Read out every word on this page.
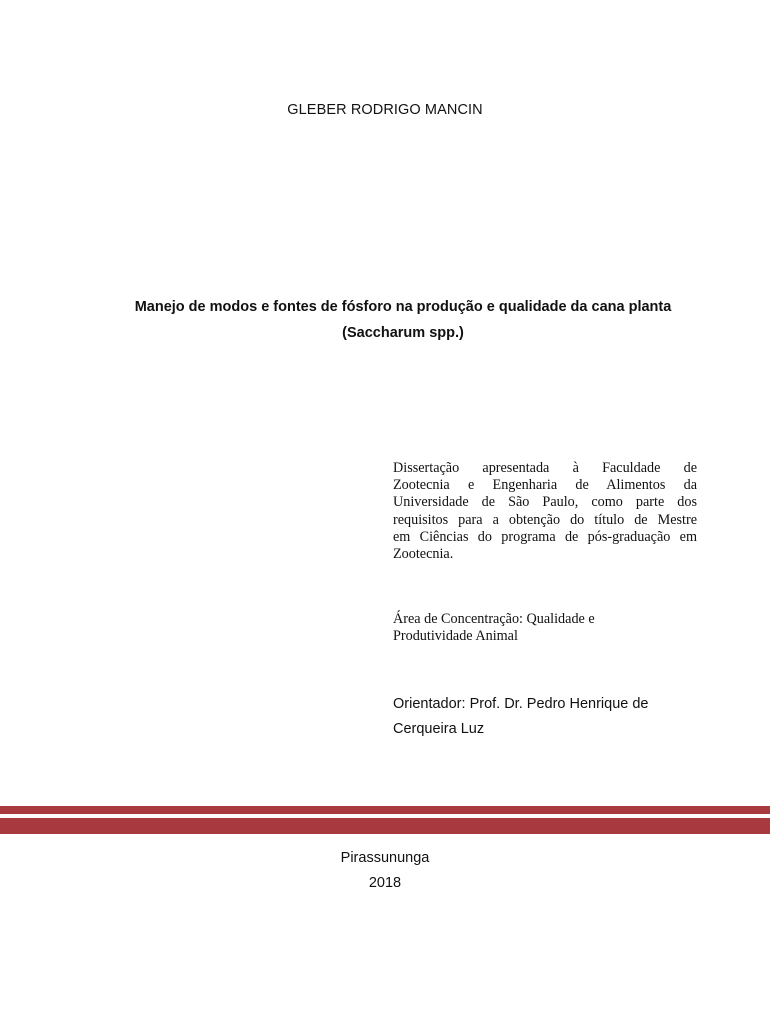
GLEBER RODRIGO MANCIN
Manejo de modos e fontes de fósforo na produção e qualidade da cana planta
(Saccharum spp.)
Dissertação apresentada à Faculdade de
Zootecnia e Engenharia de Alimentos da
Universidade de São Paulo, como parte dos
requisitos para a obtenção do título de Mestre
em Ciências do programa de pós-graduação em
Zootecnia.
Área de Concentração: Qualidade e
Produtividade Animal
Orientador: Prof. Dr. Pedro Henrique de
Cerqueira Luz
Pirassununga
2018
